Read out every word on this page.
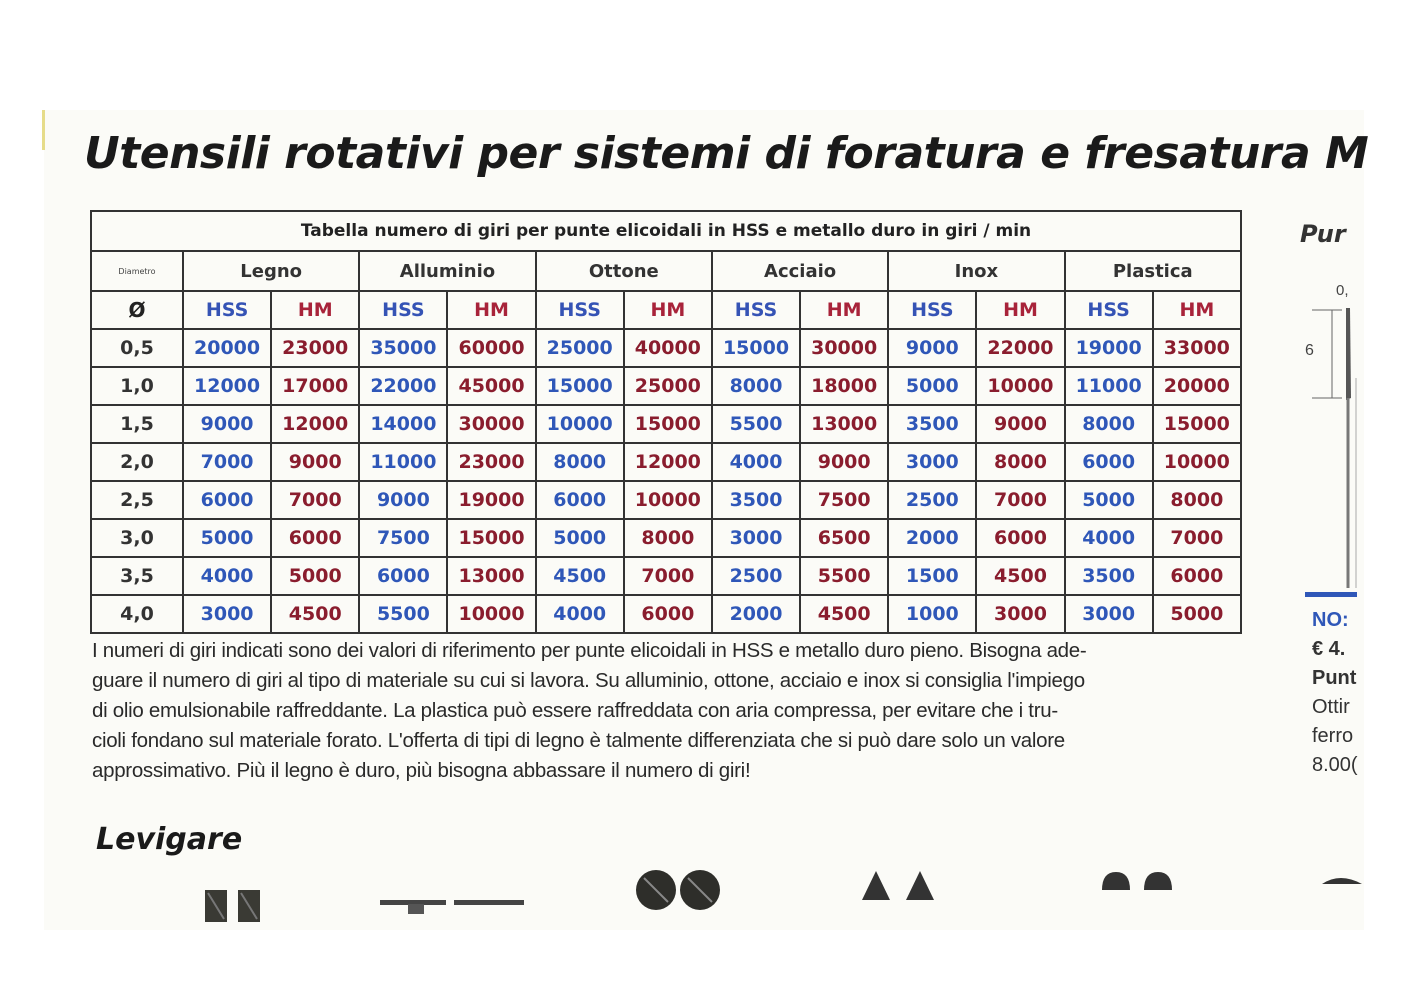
Utensili rotativi per sistemi di foratura e fresatura M
Tabella numero di giri per punte elicoidali in HSS e metallo duro in giri / min												
Diametro	Legno		Alluminio		Ottone		Acciaio		Inox		Plastica	
Ø	HSS	HM	HSS	HM	HSS	HM	HSS	HM	HSS	HM	HSS	HM
0,5	20000	23000	35000	60000	25000	40000	15000	30000	9000	22000	19000	33000
1,0	12000	17000	22000	45000	15000	25000	8000	18000	5000	10000	11000	20000
1,5	9000	12000	14000	30000	10000	15000	5500	13000	3500	9000	8000	15000
2,0	7000	9000	11000	23000	8000	12000	4000	9000	3000	8000	6000	10000
2,5	6000	7000	9000	19000	6000	10000	3500	7500	2500	7000	5000	8000
3,0	5000	6000	7500	15000	5000	8000	3000	6500	2000	6000	4000	7000
3,5	4000	5000	6000	13000	4500	7000	2500	5500	1500	4500	3500	6000
4,0	3000	4500	5500	10000	4000	6000	2000	4500	1000	3000	3000	5000
I numeri di giri indicati sono dei valori di riferimento per punte elicoidali in HSS e metallo duro pieno. Bisogna ade-
guare il numero di giri al tipo di materiale su cui si lavora. Su alluminio, ottone, acciaio e inox si consiglia l'impiego
di olio emulsionabile raffreddante. La plastica può essere raffreddata con aria compressa, per evitare che i tru-
cioli fondano sul materiale forato. L'offerta di tipi di legno è talmente differenziata che si può dare solo un valore
approssimativo. Più il legno è duro, più bisogna abbassare il numero di giri!
Levigare
Pur
0,
6
NO:
€ 4.
Punt
Ottir
ferro
8.00(
